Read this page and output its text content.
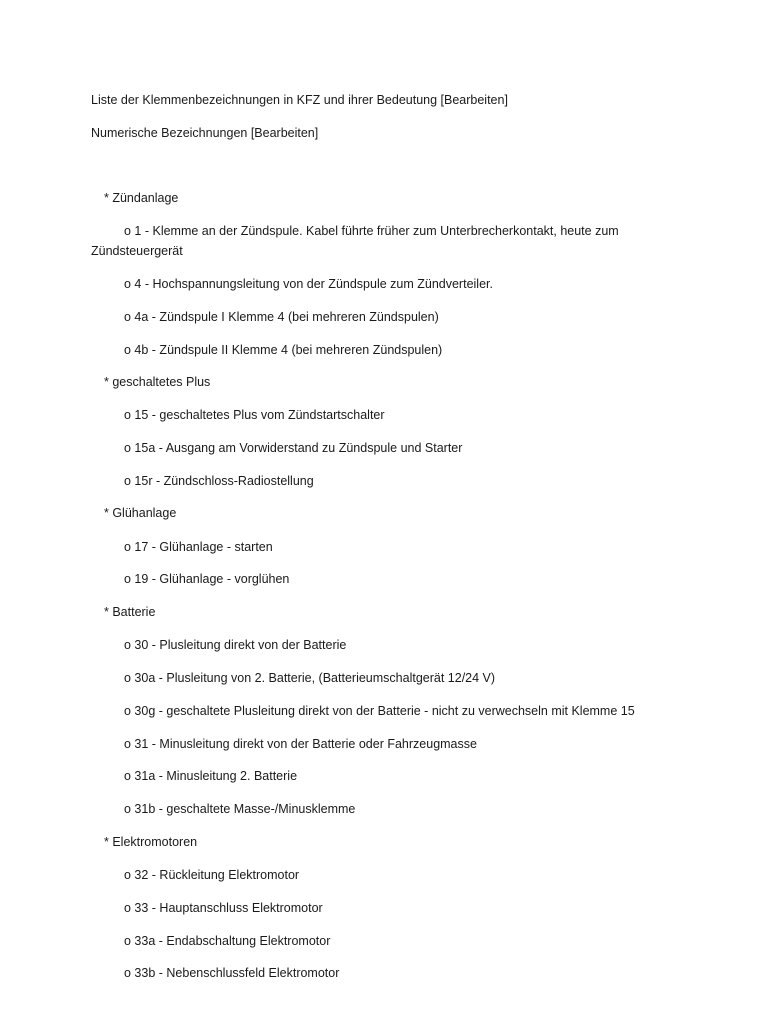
Liste der Klemmenbezeichnungen in KFZ und ihrer Bedeutung [Bearbeiten]
Numerische Bezeichnungen [Bearbeiten]
* Zündanlage
o 1 - Klemme an der Zündspule. Kabel führte früher zum Unterbrecherkontakt, heute zum
Zündsteuergerät
o 4 - Hochspannungsleitung von der Zündspule zum Zündverteiler.
o 4a - Zündspule I Klemme 4 (bei mehreren Zündspulen)
o 4b - Zündspule II Klemme 4 (bei mehreren Zündspulen)
* geschaltetes Plus
o 15 - geschaltetes Plus vom Zündstartschalter
o 15a - Ausgang am Vorwiderstand zu Zündspule und Starter
o 15r - Zündschloss-Radiostellung
* Glühanlage
o 17 - Glühanlage - starten
o 19 - Glühanlage - vorglühen
* Batterie
o 30 - Plusleitung direkt von der Batterie
o 30a - Plusleitung von 2. Batterie, (Batterieumschaltgerät 12/24 V)
o 30g - geschaltete Plusleitung direkt von der Batterie - nicht zu verwechseln mit Klemme 15
o 31 - Minusleitung direkt von der Batterie oder Fahrzeugmasse
o 31a - Minusleitung 2. Batterie
o 31b - geschaltete Masse-/Minusklemme
* Elektromotoren
o 32 - Rückleitung Elektromotor
o 33 - Hauptanschluss Elektromotor
o 33a - Endabschaltung Elektromotor
o 33b - Nebenschlussfeld Elektromotor
